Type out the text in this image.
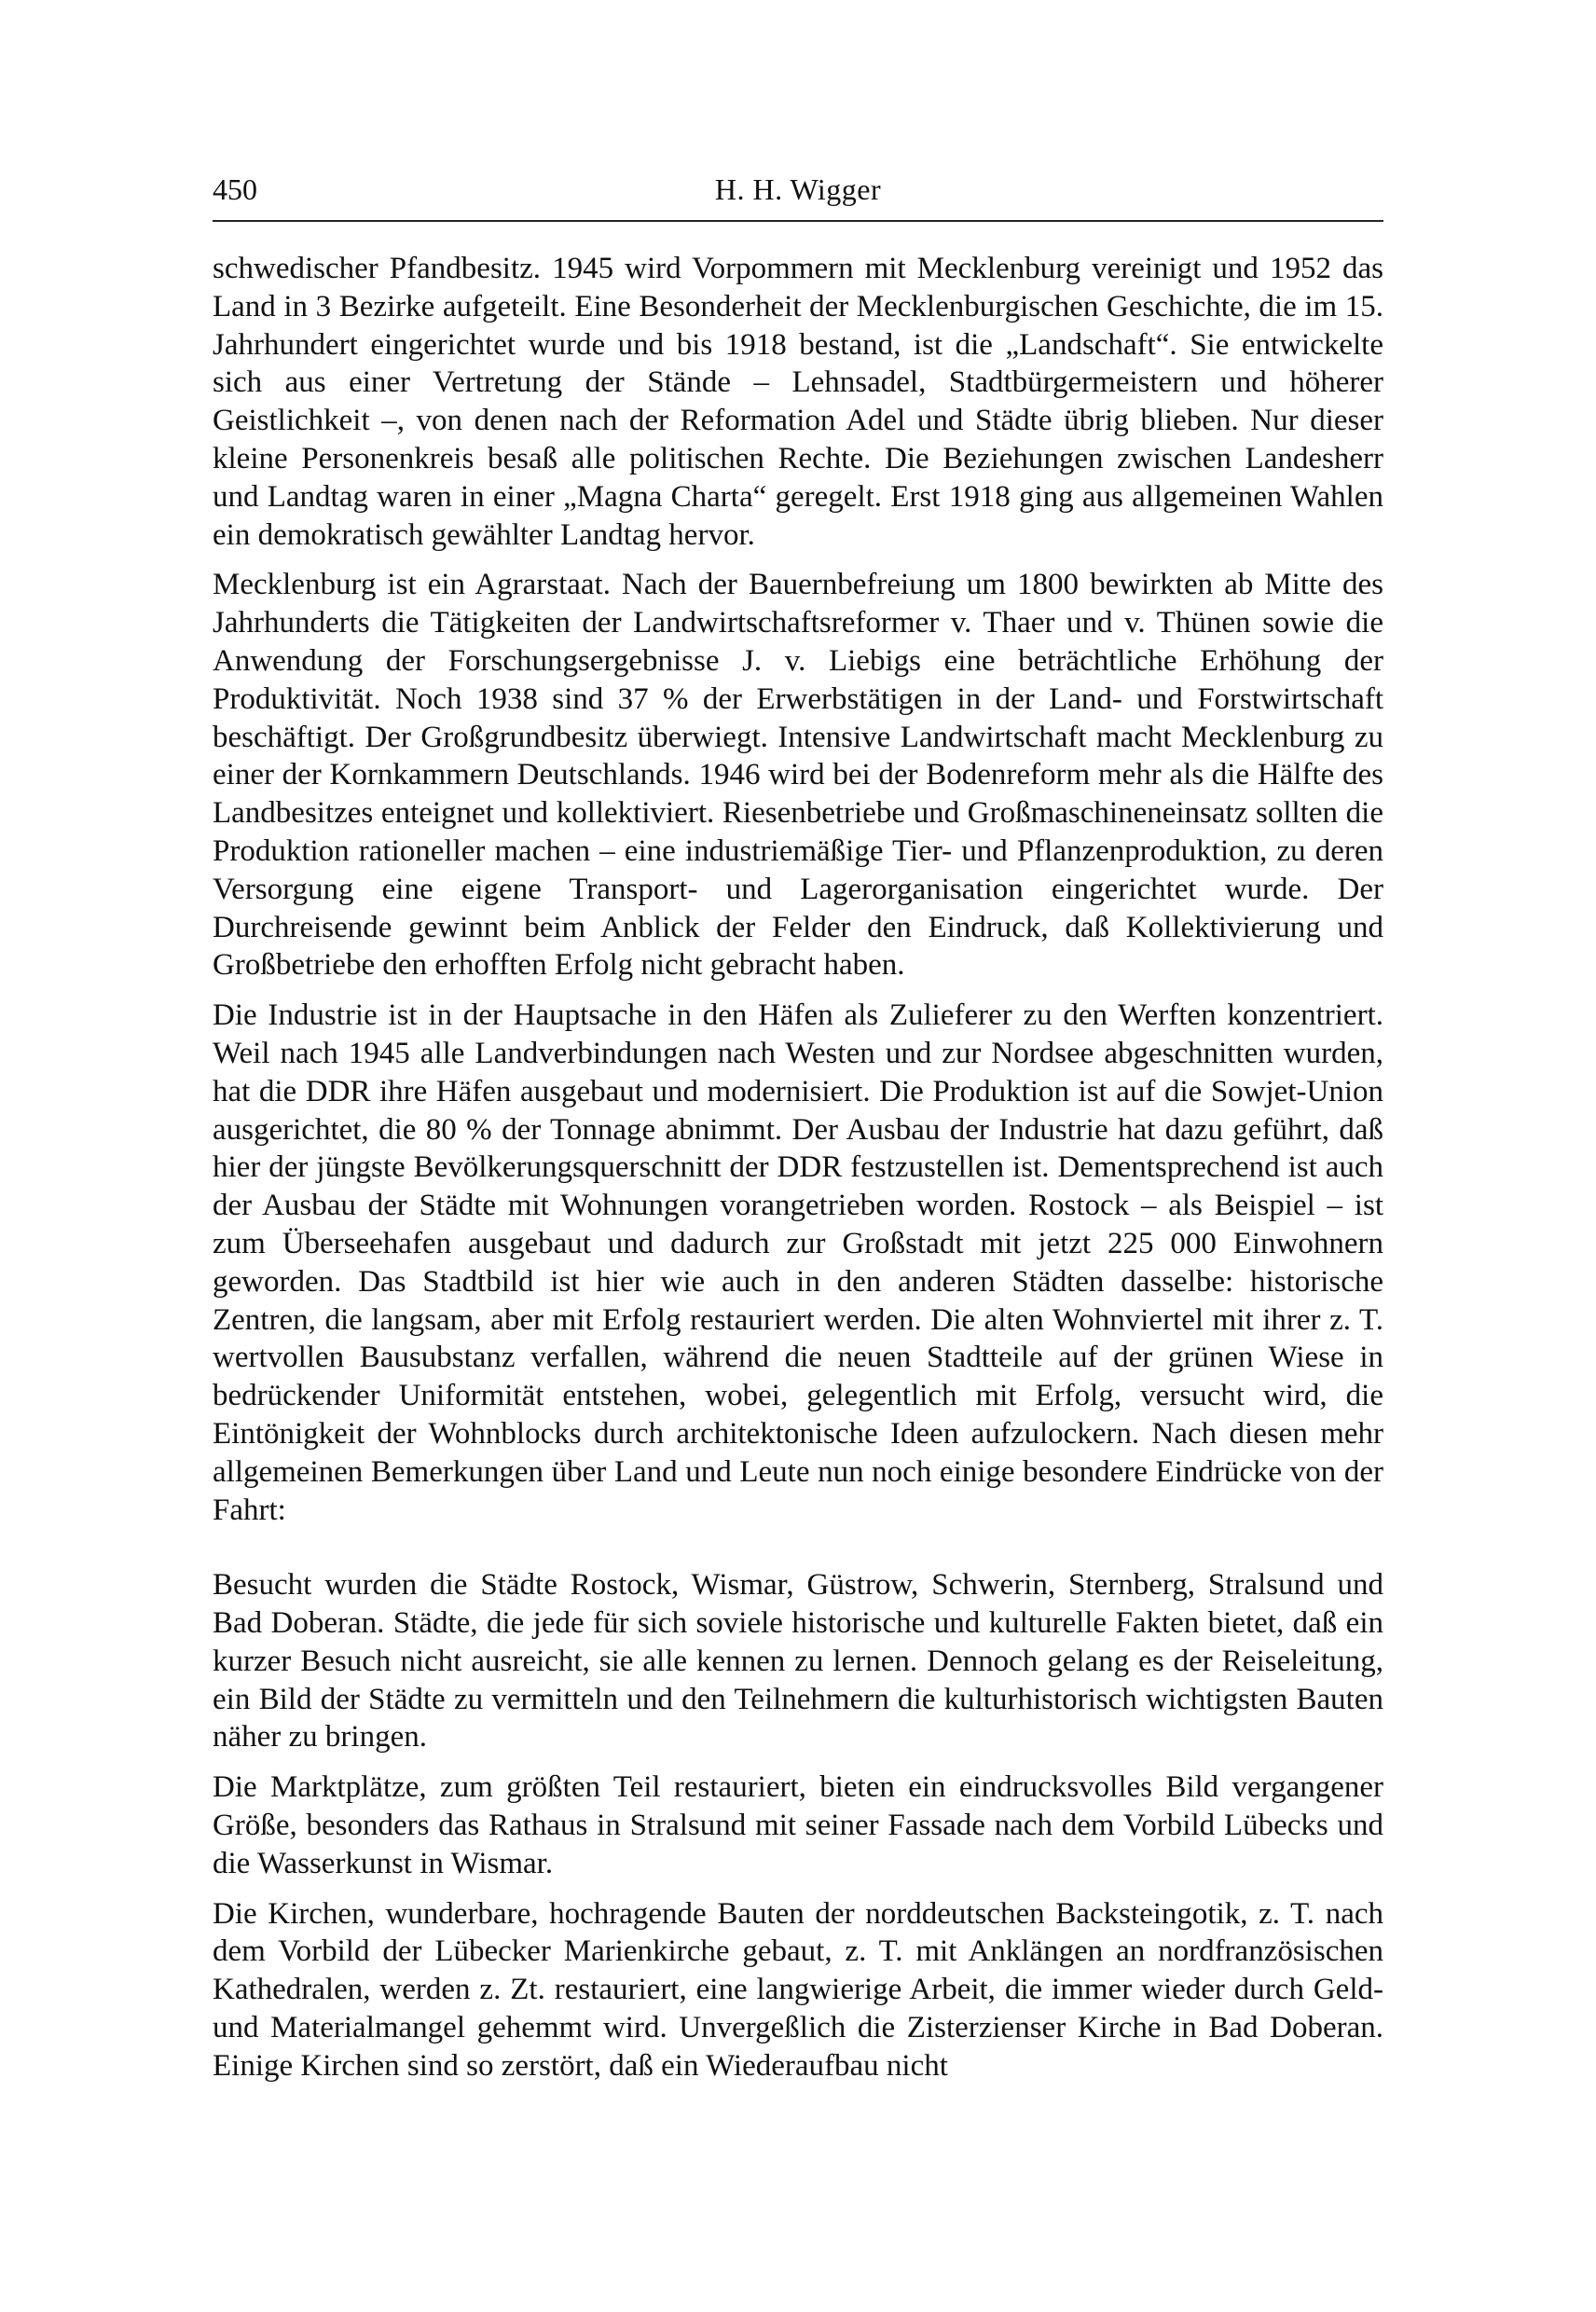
450	H. H. Wigger

schwedischer Pfandbesitz. 1945 wird Vorpommern mit Mecklenburg vereinigt und 1952 das Land in 3 Bezirke aufgeteilt. Eine Besonderheit der Mecklenburgischen Geschichte, die im 15. Jahrhundert eingerichtet wurde und bis 1918 bestand, ist die „Landschaft“. Sie entwickelte sich aus einer Vertretung der Stände – Lehnsadel, Stadtbürgermeistern und höherer Geistlichkeit –, von denen nach der Reformation Adel und Städte übrig blieben. Nur dieser kleine Personenkreis besaß alle politischen Rechte. Die Beziehungen zwischen Landesherr und Landtag waren in einer „Magna Charta“ geregelt. Erst 1918 ging aus allgemeinen Wahlen ein demokratisch gewählter Landtag hervor.

Mecklenburg ist ein Agrarstaat. Nach der Bauernbefreiung um 1800 bewirkten ab Mitte des Jahrhunderts die Tätigkeiten der Landwirtschaftsreformer v. Thaer und v. Thünen sowie die Anwendung der Forschungsergebnisse J. v. Liebigs eine beträchtliche Erhöhung der Produktivität. Noch 1938 sind 37 % der Erwerbstätigen in der Land- und Forstwirtschaft beschäftigt. Der Großgrundbesitz überwiegt. Intensive Landwirtschaft macht Mecklenburg zu einer der Kornkammern Deutschlands. 1946 wird bei der Bodenreform mehr als die Hälfte des Landbesitzes enteignet und kollektiviert. Riesenbetriebe und Großmaschineneinsatz sollten die Produktion rationeller machen – eine industriemäßige Tier- und Pflanzenproduktion, zu deren Versorgung eine eigene Transport- und Lagerorganisation eingerichtet wurde. Der Durchreisende gewinnt beim Anblick der Felder den Eindruck, daß Kollektivierung und Großbetriebe den erhofften Erfolg nicht gebracht haben.

Die Industrie ist in der Hauptsache in den Häfen als Zulieferer zu den Werften konzentriert. Weil nach 1945 alle Landverbindungen nach Westen und zur Nordsee abgeschnitten wurden, hat die DDR ihre Häfen ausgebaut und modernisiert. Die Produktion ist auf die Sowjet-Union ausgerichtet, die 80 % der Tonnage abnimmt. Der Ausbau der Industrie hat dazu geführt, daß hier der jüngste Bevölkerungsquerschnitt der DDR festzustellen ist. Dementsprechend ist auch der Ausbau der Städte mit Wohnungen vorangetrieben worden. Rostock – als Beispiel – ist zum Überseehafen ausgebaut und dadurch zur Großstadt mit jetzt 225 000 Einwohnern geworden. Das Stadtbild ist hier wie auch in den anderen Städten dasselbe: historische Zentren, die langsam, aber mit Erfolg restauriert werden. Die alten Wohnviertel mit ihrer z. T. wertvollen Bausubstanz verfallen, während die neuen Stadtteile auf der grünen Wiese in bedrückender Uniformität entstehen, wobei, gelegentlich mit Erfolg, versucht wird, die Eintönigkeit der Wohnblocks durch architektonische Ideen aufzulockern. Nach diesen mehr allgemeinen Bemerkungen über Land und Leute nun noch einige besondere Eindrücke von der Fahrt:

Besucht wurden die Städte Rostock, Wismar, Güstrow, Schwerin, Sternberg, Stralsund und Bad Doberan. Städte, die jede für sich soviele historische und kulturelle Fakten bietet, daß ein kurzer Besuch nicht ausreicht, sie alle kennen zu lernen. Dennoch gelang es der Reiseleitung, ein Bild der Städte zu vermitteln und den Teilnehmern die kulturhistorisch wichtigsten Bauten näher zu bringen.

Die Marktplätze, zum größten Teil restauriert, bieten ein eindrucksvolles Bild vergangener Größe, besonders das Rathaus in Stralsund mit seiner Fassade nach dem Vorbild Lübecks und die Wasserkunst in Wismar.

Die Kirchen, wunderbare, hochragende Bauten der norddeutschen Backsteingotik, z. T. nach dem Vorbild der Lübecker Marienkirche gebaut, z. T. mit Anklängen an nordfranzösischen Kathedralen, werden z. Zt. restauriert, eine langwierige Arbeit, die immer wieder durch Geld- und Materialmangel gehemmt wird. Unvergeßlich die Zisterzienser Kirche in Bad Doberan. Einige Kirchen sind so zerstört, daß ein Wiederaufbau nicht
